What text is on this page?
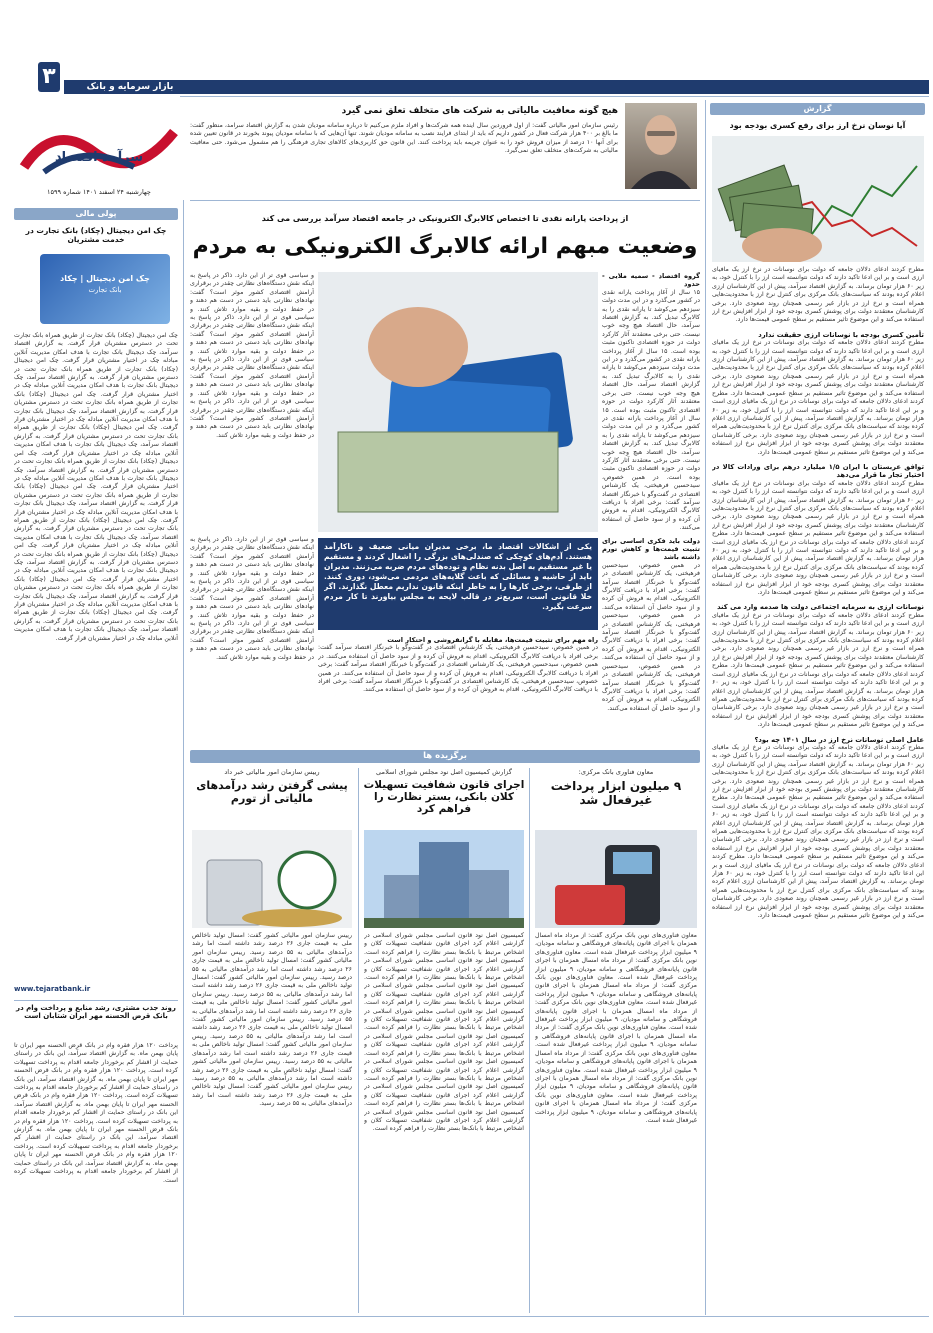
۳	بازار سرمایه و بانک
سرآمد اقتصاد
چهارشنبه ۲۴ اسفند ۱۴۰۱ شماره ۱۵۹۹
هیچ گونه معافیت مالیاتی به شرکت های متخلف تعلق نمی گیرد
رئیس سازمان امور مالیاتی گفت: از اول فروردین سال آینده همه شرکت‌ها و افراد ملزم می‌کنیم تا درباره سامانه مودیان شدن به گزارش اقتصاد سرآمد، منظور گفت: ما بالغ بر ۴۰۰ هزار شرکت فعال در کشور داریم که باید از ابتدای فرایند نصب به سامانه مودیان شوند. تنها آن‌هایی که با سامانه مودیان پیوند بخورند در قانون تعیین شده برای آنها ۱۰ درصد از میزان فروش خود را به عنوان جریمه باید پرداخت کنند. این قانون حق کاربری‌های کالاهای تجاری فرهنگی را هم مشمول می‌شود. حتی معافیت مالیاتی به شرکت‌های متخلف تعلق نمی‌گیرد.
گزارش
آیا نوسان نرخ ارز برای رفع کسری بودجه بود
مطرح کردند ادعای دلالان جامعه که دولت برای نوسانات در نرخ ارز یک مافیای ارزی است و بر این ادعا تاکید دارند که دولت نتوانسته است ارز را با کنترل خود، به زیر ۶۰ هزار تومان برساند. به گزارش اقتصاد سرآمد، پیش از این کارشناسان ارزی اعلام کرده بودند که سیاست‌های بانک مرکزی برای کنترل نرخ ارز با محدودیت‌هایی همراه است و نرخ ارز در بازار غیر رسمی همچنان روند صعودی دارد. برخی کارشناسان معتقدند دولت برای پوشش کسری بودجه خود از ابزار افزایش نرخ ارز استفاده می‌کند و این موضوع تاثیر مستقیم بر سطح عمومی قیمت‌ها دارد.
تأمین کسری بودجه با نوسانات ارزی حقیقت ندارد
مطرح کردند ادعای دلالان جامعه که دولت برای نوسانات در نرخ ارز یک مافیای ارزی است و بر این ادعا تاکید دارند که دولت نتوانسته است ارز را با کنترل خود، به زیر ۶۰ هزار تومان برساند. به گزارش اقتصاد سرآمد، پیش از این کارشناسان ارزی اعلام کرده بودند که سیاست‌های بانک مرکزی برای کنترل نرخ ارز با محدودیت‌هایی همراه است و نرخ ارز در بازار غیر رسمی همچنان روند صعودی دارد. برخی کارشناسان معتقدند دولت برای پوشش کسری بودجه خود از ابزار افزایش نرخ ارز استفاده می‌کند و این موضوع تاثیر مستقیم بر سطح عمومی قیمت‌ها دارد. مطرح کردند ادعای دلالان جامعه که دولت برای نوسانات در نرخ ارز یک مافیای ارزی است و بر این ادعا تاکید دارند که دولت نتوانسته است ارز را با کنترل خود، به زیر ۶۰ هزار تومان برساند. به گزارش اقتصاد سرآمد، پیش از این کارشناسان ارزی اعلام کرده بودند که سیاست‌های بانک مرکزی برای کنترل نرخ ارز با محدودیت‌هایی همراه است و نرخ ارز در بازار غیر رسمی همچنان روند صعودی دارد. برخی کارشناسان معتقدند دولت برای پوشش کسری بودجه خود از ابزار افزایش نرخ ارز استفاده می‌کند و این موضوع تاثیر مستقیم بر سطح عمومی قیمت‌ها دارد.
توافق عربستان با ایران ۱/۵ میلیارد درهم برای ورادات کالا در اختیار تجار ما قرار می‌دهد
مطرح کردند ادعای دلالان جامعه که دولت برای نوسانات در نرخ ارز یک مافیای ارزی است و بر این ادعا تاکید دارند که دولت نتوانسته است ارز را با کنترل خود، به زیر ۶۰ هزار تومان برساند. به گزارش اقتصاد سرآمد، پیش از این کارشناسان ارزی اعلام کرده بودند که سیاست‌های بانک مرکزی برای کنترل نرخ ارز با محدودیت‌هایی همراه است و نرخ ارز در بازار غیر رسمی همچنان روند صعودی دارد. برخی کارشناسان معتقدند دولت برای پوشش کسری بودجه خود از ابزار افزایش نرخ ارز استفاده می‌کند و این موضوع تاثیر مستقیم بر سطح عمومی قیمت‌ها دارد. مطرح کردند ادعای دلالان جامعه که دولت برای نوسانات در نرخ ارز یک مافیای ارزی است و بر این ادعا تاکید دارند که دولت نتوانسته است ارز را با کنترل خود، به زیر ۶۰ هزار تومان برساند. به گزارش اقتصاد سرآمد، پیش از این کارشناسان ارزی اعلام کرده بودند که سیاست‌های بانک مرکزی برای کنترل نرخ ارز با محدودیت‌هایی همراه است و نرخ ارز در بازار غیر رسمی همچنان روند صعودی دارد. برخی کارشناسان معتقدند دولت برای پوشش کسری بودجه خود از ابزار افزایش نرخ ارز استفاده می‌کند و این موضوع تاثیر مستقیم بر سطح عمومی قیمت‌ها دارد.
نوسانات ارزی به سرمایه اجتماعی دولت ها صدمه وارد می کند
مطرح کردند ادعای دلالان جامعه که دولت برای نوسانات در نرخ ارز یک مافیای ارزی است و بر این ادعا تاکید دارند که دولت نتوانسته است ارز را با کنترل خود، به زیر ۶۰ هزار تومان برساند. به گزارش اقتصاد سرآمد، پیش از این کارشناسان ارزی اعلام کرده بودند که سیاست‌های بانک مرکزی برای کنترل نرخ ارز با محدودیت‌هایی همراه است و نرخ ارز در بازار غیر رسمی همچنان روند صعودی دارد. برخی کارشناسان معتقدند دولت برای پوشش کسری بودجه خود از ابزار افزایش نرخ ارز استفاده می‌کند و این موضوع تاثیر مستقیم بر سطح عمومی قیمت‌ها دارد. مطرح کردند ادعای دلالان جامعه که دولت برای نوسانات در نرخ ارز یک مافیای ارزی است و بر این ادعا تاکید دارند که دولت نتوانسته است ارز را با کنترل خود، به زیر ۶۰ هزار تومان برساند. به گزارش اقتصاد سرآمد، پیش از این کارشناسان ارزی اعلام کرده بودند که سیاست‌های بانک مرکزی برای کنترل نرخ ارز با محدودیت‌هایی همراه است و نرخ ارز در بازار غیر رسمی همچنان روند صعودی دارد. برخی کارشناسان معتقدند دولت برای پوشش کسری بودجه خود از ابزار افزایش نرخ ارز استفاده می‌کند و این موضوع تاثیر مستقیم بر سطح عمومی قیمت‌ها دارد.
عامل اصلی نوسانات نرخ ارز در سال ۱۴۰۱ چه بود؟
مطرح کردند ادعای دلالان جامعه که دولت برای نوسانات در نرخ ارز یک مافیای ارزی است و بر این ادعا تاکید دارند که دولت نتوانسته است ارز را با کنترل خود، به زیر ۶۰ هزار تومان برساند. به گزارش اقتصاد سرآمد، پیش از این کارشناسان ارزی اعلام کرده بودند که سیاست‌های بانک مرکزی برای کنترل نرخ ارز با محدودیت‌هایی همراه است و نرخ ارز در بازار غیر رسمی همچنان روند صعودی دارد. برخی کارشناسان معتقدند دولت برای پوشش کسری بودجه خود از ابزار افزایش نرخ ارز استفاده می‌کند و این موضوع تاثیر مستقیم بر سطح عمومی قیمت‌ها دارد. مطرح کردند ادعای دلالان جامعه که دولت برای نوسانات در نرخ ارز یک مافیای ارزی است و بر این ادعا تاکید دارند که دولت نتوانسته است ارز را با کنترل خود، به زیر ۶۰ هزار تومان برساند. به گزارش اقتصاد سرآمد، پیش از این کارشناسان ارزی اعلام کرده بودند که سیاست‌های بانک مرکزی برای کنترل نرخ ارز با محدودیت‌هایی همراه است و نرخ ارز در بازار غیر رسمی همچنان روند صعودی دارد. برخی کارشناسان معتقدند دولت برای پوشش کسری بودجه خود از ابزار افزایش نرخ ارز استفاده می‌کند و این موضوع تاثیر مستقیم بر سطح عمومی قیمت‌ها دارد. مطرح کردند ادعای دلالان جامعه که دولت برای نوسانات در نرخ ارز یک مافیای ارزی است و بر این ادعا تاکید دارند که دولت نتوانسته است ارز را با کنترل خود، به زیر ۶۰ هزار تومان برساند. به گزارش اقتصاد سرآمد، پیش از این کارشناسان ارزی اعلام کرده بودند که سیاست‌های بانک مرکزی برای کنترل نرخ ارز با محدودیت‌هایی همراه است و نرخ ارز در بازار غیر رسمی همچنان روند صعودی دارد. برخی کارشناسان معتقدند دولت برای پوشش کسری بودجه خود از ابزار افزایش نرخ ارز استفاده می‌کند و این موضوع تاثیر مستقیم بر سطح عمومی قیمت‌ها دارد.
پولی مالی
چک امن دیجیتال (چکاد) بانک تجارت در خدمت مشتریان
چک امن دیجیتال | چکاد
بانک تجارت
چک امن دیجیتال (چکاد) بانک تجارت از طریق همراه بانک تجارت تحت در دسترس مشتریان قرار گرفت. به گزارش اقتصاد سرآمد، چک دیجیتال بانک تجارت با هدف امکان مدیریت آنلاین مبادله چک در اختیار مشتریان قرار گرفت. چک امن دیجیتال (چکاد) بانک تجارت از طریق همراه بانک تجارت تحت در دسترس مشتریان قرار گرفت. به گزارش اقتصاد سرآمد، چک دیجیتال بانک تجارت با هدف امکان مدیریت آنلاین مبادله چک در اختیار مشتریان قرار گرفت. چک امن دیجیتال (چکاد) بانک تجارت از طریق همراه بانک تجارت تحت در دسترس مشتریان قرار گرفت. به گزارش اقتصاد سرآمد، چک دیجیتال بانک تجارت با هدف امکان مدیریت آنلاین مبادله چک در اختیار مشتریان قرار گرفت. چک امن دیجیتال (چکاد) بانک تجارت از طریق همراه بانک تجارت تحت در دسترس مشتریان قرار گرفت. به گزارش اقتصاد سرآمد، چک دیجیتال بانک تجارت با هدف امکان مدیریت آنلاین مبادله چک در اختیار مشتریان قرار گرفت. چک امن دیجیتال (چکاد) بانک تجارت از طریق همراه بانک تجارت تحت در دسترس مشتریان قرار گرفت. به گزارش اقتصاد سرآمد، چک دیجیتال بانک تجارت با هدف امکان مدیریت آنلاین مبادله چک در اختیار مشتریان قرار گرفت. چک امن دیجیتال (چکاد) بانک تجارت از طریق همراه بانک تجارت تحت در دسترس مشتریان قرار گرفت. به گزارش اقتصاد سرآمد، چک دیجیتال بانک تجارت با هدف امکان مدیریت آنلاین مبادله چک در اختیار مشتریان قرار گرفت. چک امن دیجیتال (چکاد) بانک تجارت از طریق همراه بانک تجارت تحت در دسترس مشتریان قرار گرفت. به گزارش اقتصاد سرآمد، چک دیجیتال بانک تجارت با هدف امکان مدیریت آنلاین مبادله چک در اختیار مشتریان قرار گرفت. چک امن دیجیتال (چکاد) بانک تجارت از طریق همراه بانک تجارت تحت در دسترس مشتریان قرار گرفت. به گزارش اقتصاد سرآمد، چک دیجیتال بانک تجارت با هدف امکان مدیریت آنلاین مبادله چک در اختیار مشتریان قرار گرفت. چک امن دیجیتال (چکاد) بانک تجارت از طریق همراه بانک تجارت تحت در دسترس مشتریان قرار گرفت. به گزارش اقتصاد سرآمد، چک دیجیتال بانک تجارت با هدف امکان مدیریت آنلاین مبادله چک در اختیار مشتریان قرار گرفت. چک امن دیجیتال (چکاد) بانک تجارت از طریق همراه بانک تجارت تحت در دسترس مشتریان قرار گرفت. به گزارش اقتصاد سرآمد، چک دیجیتال بانک تجارت با هدف امکان مدیریت آنلاین مبادله چک در اختیار مشتریان قرار گرفت.
www.tejaratbank.ir
روند جذب مشتری، رشد منابع و پرداخت وام در بانک قرض الحسنه مهر ایران شتابان است
پرداخت ۱۲۰ هزار فقره وام در بانک قرض الحسنه مهر ایران تا پایان بهمن ماه. به گزارش اقتصاد سرآمد، این بانک در راستای حمایت از اقشار کم برخوردار جامعه اقدام به پرداخت تسهیلات کرده است. پرداخت ۱۲۰ هزار فقره وام در بانک قرض الحسنه مهر ایران تا پایان بهمن ماه. به گزارش اقتصاد سرآمد، این بانک در راستای حمایت از اقشار کم برخوردار جامعه اقدام به پرداخت تسهیلات کرده است. پرداخت ۱۲۰ هزار فقره وام در بانک قرض الحسنه مهر ایران تا پایان بهمن ماه. به گزارش اقتصاد سرآمد، این بانک در راستای حمایت از اقشار کم برخوردار جامعه اقدام به پرداخت تسهیلات کرده است. پرداخت ۱۲۰ هزار فقره وام در بانک قرض الحسنه مهر ایران تا پایان بهمن ماه. به گزارش اقتصاد سرآمد، این بانک در راستای حمایت از اقشار کم برخوردار جامعه اقدام به پرداخت تسهیلات کرده است. پرداخت ۱۲۰ هزار فقره وام در بانک قرض الحسنه مهر ایران تا پایان بهمن ماه. به گزارش اقتصاد سرآمد، این بانک در راستای حمایت از اقشار کم برخوردار جامعه اقدام به پرداخت تسهیلات کرده است.
از پرداخت یارانه نقدی تا اختصاص کالابرگ الکترونیکی در جامعه اقتصاد سرآمد بررسی می کند
وضعیت مبهم ارائه کالابرگ الکترونیکی به مردم
گروه اقتصاد - سمیه ملایی - حدود
۱۵ سال از آغاز پرداخت یارانه نقدی در کشور می‌گذرد و در این مدت دولت سیزدهم می‌کوشد تا یارانه نقدی را به کالابرگ تبدیل کند. به گزارش اقتصاد سرآمد، حال اقتصاد هیچ وجه خوب نیست. حتی برخی معتقدند آثار کارکرد دولت در حوزه اقتصادی تاکنون مثبت بوده است. ۱۵ سال از آغاز پرداخت یارانه نقدی در کشور می‌گذرد و در این مدت دولت سیزدهم می‌کوشد تا یارانه نقدی را به کالابرگ تبدیل کند. به گزارش اقتصاد سرآمد، حال اقتصاد هیچ وجه خوب نیست. حتی برخی معتقدند آثار کارکرد دولت در حوزه اقتصادی تاکنون مثبت بوده است. ۱۵ سال از آغاز پرداخت یارانه نقدی در کشور می‌گذرد و در این مدت دولت سیزدهم می‌کوشد تا یارانه نقدی را به کالابرگ تبدیل کند. به گزارش اقتصاد سرآمد، حال اقتصاد هیچ وجه خوب نیست. حتی برخی معتقدند آثار کارکرد دولت در حوزه اقتصادی تاکنون مثبت بوده است. در همین خصوص، سیدحسین فرهیختی، یک کارشناس اقتصادی در گفت‌وگو با خبرنگار اقتصاد سرآمد گفت: برخی افراد با دریافت کالابرگ الکترونیکی، اقدام به فروش آن کرده و از سود حاصل آن استفاده می‌کنند.
دولت باید فکری اساسی برای تثبیت قیمت‌ها و کاهش تورم داشته باشد
در همین خصوص، سیدحسین فرهیختی، یک کارشناس اقتصادی در گفت‌وگو با خبرنگار اقتصاد سرآمد گفت: برخی افراد با دریافت کالابرگ الکترونیکی، اقدام به فروش آن کرده و از سود حاصل آن استفاده می‌کنند. در همین خصوص، سیدحسین فرهیختی، یک کارشناس اقتصادی در گفت‌وگو با خبرنگار اقتصاد سرآمد گفت: برخی افراد با دریافت کالابرگ الکترونیکی، اقدام به فروش آن کرده و از سود حاصل آن استفاده می‌کنند. در همین خصوص، سیدحسین فرهیختی، یک کارشناس اقتصادی در گفت‌وگو با خبرنگار اقتصاد سرآمد گفت: برخی افراد با دریافت کالابرگ الکترونیکی، اقدام به فروش آن کرده و از سود حاصل آن استفاده می‌کنند.
و سیاسی قوی تر از این دارد. ذاکر در پاسخ به اینکه نقش دستگاه‌های نظارتی چقدر در برقراری آرامش اقتصادی کشور موثر است؟ گفت: نهادهای نظارتی باید دستی در دست هم دهند و در حفظ دولت و بقیه موارد تلاش کنند. و سیاسی قوی تر از این دارد. ذاکر در پاسخ به اینکه نقش دستگاه‌های نظارتی چقدر در برقراری آرامش اقتصادی کشور موثر است؟ گفت: نهادهای نظارتی باید دستی در دست هم دهند و در حفظ دولت و بقیه موارد تلاش کنند. و سیاسی قوی تر از این دارد. ذاکر در پاسخ به اینکه نقش دستگاه‌های نظارتی چقدر در برقراری آرامش اقتصادی کشور موثر است؟ گفت: نهادهای نظارتی باید دستی در دست هم دهند و در حفظ دولت و بقیه موارد تلاش کنند. و سیاسی قوی تر از این دارد. ذاکر در پاسخ به اینکه نقش دستگاه‌های نظارتی چقدر در برقراری آرامش اقتصادی کشور موثر است؟ گفت: نهادهای نظارتی باید دستی در دست هم دهند و در حفظ دولت و بقیه موارد تلاش کنند.
یکی از اشکالات اقتصاد ما، برخی مدیران میانی ضعیف و ناکارآمد هستند. آدم‌های کوچکی که صندلی‌های بزرگی را اشغال کردند و مستقیم یا غیر مستقیم به اصل بدنه نظام و توده‌های مردم ضربه می‌زنند. مدیران باید از حاشیه و مسائلی که باعث گلایه‌های مردمی می‌شود، دوری کنند. از طرفی، برخی کارها را به خاطر اینکه قانون نداریم معطل نگذارند. اگر خلا قانونی است، سریع‌تر در قالب لایحه به مجلس بیاورند تا کار مردم سرعت بگیرد.
راه مهم برای تثبیت قیمت‌ها، مقابله با گرانفروشی و احتکار است
در همین خصوص، سیدحسین فرهیختی، یک کارشناس اقتصادی در گفت‌وگو با خبرنگار اقتصاد سرآمد گفت: برخی افراد با دریافت کالابرگ الکترونیکی، اقدام به فروش آن کرده و از سود حاصل آن استفاده می‌کنند. در همین خصوص، سیدحسین فرهیختی، یک کارشناس اقتصادی در گفت‌وگو با خبرنگار اقتصاد سرآمد گفت: برخی افراد با دریافت کالابرگ الکترونیکی، اقدام به فروش آن کرده و از سود حاصل آن استفاده می‌کنند. در همین خصوص، سیدحسین فرهیختی، یک کارشناس اقتصادی در گفت‌وگو با خبرنگار اقتصاد سرآمد گفت: برخی افراد با دریافت کالابرگ الکترونیکی، اقدام به فروش آن کرده و از سود حاصل آن استفاده می‌کنند.
و سیاسی قوی تر از این دارد. ذاکر در پاسخ به اینکه نقش دستگاه‌های نظارتی چقدر در برقراری آرامش اقتصادی کشور موثر است؟ گفت: نهادهای نظارتی باید دستی در دست هم دهند و در حفظ دولت و بقیه موارد تلاش کنند. و سیاسی قوی تر از این دارد. ذاکر در پاسخ به اینکه نقش دستگاه‌های نظارتی چقدر در برقراری آرامش اقتصادی کشور موثر است؟ گفت: نهادهای نظارتی باید دستی در دست هم دهند و در حفظ دولت و بقیه موارد تلاش کنند. و سیاسی قوی تر از این دارد. ذاکر در پاسخ به اینکه نقش دستگاه‌های نظارتی چقدر در برقراری آرامش اقتصادی کشور موثر است؟ گفت: نهادهای نظارتی باید دستی در دست هم دهند و در حفظ دولت و بقیه موارد تلاش کنند.
برگزیده ها
معاون فناوری بانک مرکزی:
۹ میلیون ابزار پرداخت غیرفعال شد
معاون فناوری‌های نوین بانک مرکزی گفت: از مرداد ماه امسال همزمان با اجرای قانون پایانه‌های فروشگاهی و سامانه مودیان، ۹ میلیون ابزار پرداخت غیرفعال شده است. معاون فناوری‌های نوین بانک مرکزی گفت: از مرداد ماه امسال همزمان با اجرای قانون پایانه‌های فروشگاهی و سامانه مودیان، ۹ میلیون ابزار پرداخت غیرفعال شده است. معاون فناوری‌های نوین بانک مرکزی گفت: از مرداد ماه امسال همزمان با اجرای قانون پایانه‌های فروشگاهی و سامانه مودیان، ۹ میلیون ابزار پرداخت غیرفعال شده است. معاون فناوری‌های نوین بانک مرکزی گفت: از مرداد ماه امسال همزمان با اجرای قانون پایانه‌های فروشگاهی و سامانه مودیان، ۹ میلیون ابزار پرداخت غیرفعال شده است. معاون فناوری‌های نوین بانک مرکزی گفت: از مرداد ماه امسال همزمان با اجرای قانون پایانه‌های فروشگاهی و سامانه مودیان، ۹ میلیون ابزار پرداخت غیرفعال شده است. معاون فناوری‌های نوین بانک مرکزی گفت: از مرداد ماه امسال همزمان با اجرای قانون پایانه‌های فروشگاهی و سامانه مودیان، ۹ میلیون ابزار پرداخت غیرفعال شده است. معاون فناوری‌های نوین بانک مرکزی گفت: از مرداد ماه امسال همزمان با اجرای قانون پایانه‌های فروشگاهی و سامانه مودیان، ۹ میلیون ابزار پرداخت غیرفعال شده است. معاون فناوری‌های نوین بانک مرکزی گفت: از مرداد ماه امسال همزمان با اجرای قانون پایانه‌های فروشگاهی و سامانه مودیان، ۹ میلیون ابزار پرداخت غیرفعال شده است.
گزارش کمیسیون اصل نود مجلس شورای اسلامی
اجرای قانون شفافیت تسهیلات کلان بانکی، بستر نظارت را فراهم کرد
کمیسیون اصل نود قانون اساسی مجلس شورای اسلامی در گزارشی اعلام کرد اجرای قانون شفافیت تسهیلات کلان و اشخاص مرتبط با بانک‌ها بستر نظارت را فراهم کرده است. کمیسیون اصل نود قانون اساسی مجلس شورای اسلامی در گزارشی اعلام کرد اجرای قانون شفافیت تسهیلات کلان و اشخاص مرتبط با بانک‌ها بستر نظارت را فراهم کرده است. کمیسیون اصل نود قانون اساسی مجلس شورای اسلامی در گزارشی اعلام کرد اجرای قانون شفافیت تسهیلات کلان و اشخاص مرتبط با بانک‌ها بستر نظارت را فراهم کرده است. کمیسیون اصل نود قانون اساسی مجلس شورای اسلامی در گزارشی اعلام کرد اجرای قانون شفافیت تسهیلات کلان و اشخاص مرتبط با بانک‌ها بستر نظارت را فراهم کرده است. کمیسیون اصل نود قانون اساسی مجلس شورای اسلامی در گزارشی اعلام کرد اجرای قانون شفافیت تسهیلات کلان و اشخاص مرتبط با بانک‌ها بستر نظارت را فراهم کرده است. کمیسیون اصل نود قانون اساسی مجلس شورای اسلامی در گزارشی اعلام کرد اجرای قانون شفافیت تسهیلات کلان و اشخاص مرتبط با بانک‌ها بستر نظارت را فراهم کرده است. کمیسیون اصل نود قانون اساسی مجلس شورای اسلامی در گزارشی اعلام کرد اجرای قانون شفافیت تسهیلات کلان و اشخاص مرتبط با بانک‌ها بستر نظارت را فراهم کرده است. کمیسیون اصل نود قانون اساسی مجلس شورای اسلامی در گزارشی اعلام کرد اجرای قانون شفافیت تسهیلات کلان و اشخاص مرتبط با بانک‌ها بستر نظارت را فراهم کرده است.
رییس سازمان امور مالیاتی خبر داد
پیشی گرفتن رشد درآمدهای مالیاتی از تورم
رییس سازمان امور مالیاتی کشور گفت: امسال تولید ناخالص ملی به قیمت جاری ۲۶ درصد رشد داشته است اما رشد درآمدهای مالیاتی به ۵۵ درصد رسید. رییس سازمان امور مالیاتی کشور گفت: امسال تولید ناخالص ملی به قیمت جاری ۲۶ درصد رشد داشته است اما رشد درآمدهای مالیاتی به ۵۵ درصد رسید. رییس سازمان امور مالیاتی کشور گفت: امسال تولید ناخالص ملی به قیمت جاری ۲۶ درصد رشد داشته است اما رشد درآمدهای مالیاتی به ۵۵ درصد رسید. رییس سازمان امور مالیاتی کشور گفت: امسال تولید ناخالص ملی به قیمت جاری ۲۶ درصد رشد داشته است اما رشد درآمدهای مالیاتی به ۵۵ درصد رسید. رییس سازمان امور مالیاتی کشور گفت: امسال تولید ناخالص ملی به قیمت جاری ۲۶ درصد رشد داشته است اما رشد درآمدهای مالیاتی به ۵۵ درصد رسید. رییس سازمان امور مالیاتی کشور گفت: امسال تولید ناخالص ملی به قیمت جاری ۲۶ درصد رشد داشته است اما رشد درآمدهای مالیاتی به ۵۵ درصد رسید. رییس سازمان امور مالیاتی کشور گفت: امسال تولید ناخالص ملی به قیمت جاری ۲۶ درصد رشد داشته است اما رشد درآمدهای مالیاتی به ۵۵ درصد رسید. رییس سازمان امور مالیاتی کشور گفت: امسال تولید ناخالص ملی به قیمت جاری ۲۶ درصد رشد داشته است اما رشد درآمدهای مالیاتی به ۵۵ درصد رسید.
